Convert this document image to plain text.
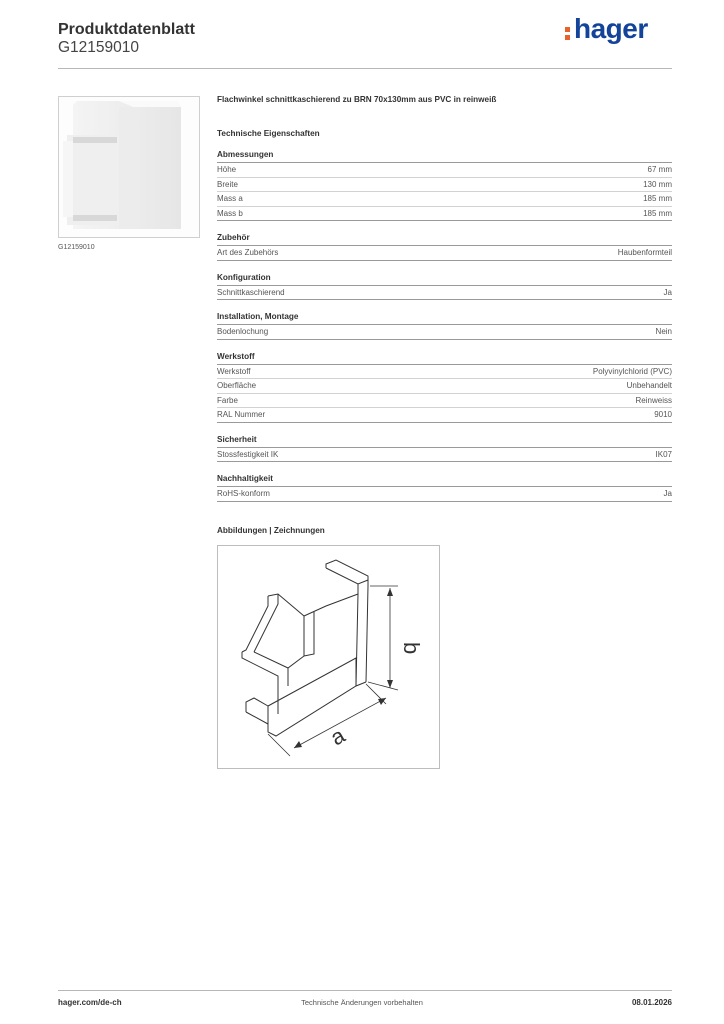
Produktdatenblatt
G12159010
hager
G12159010
Flachwinkel schnittkaschierend zu BRN 70x130mm aus PVC in reinweiß
Technische Eigenschaften
Abmessungen
Höhe	67 mm
Breite	130 mm
Mass a	185 mm
Mass b	185 mm
Zubehör
Art des Zubehörs	Haubenformteil
Konfiguration
Schnittkaschierend	Ja
Installation, Montage
Bodenlochung	Nein
Werkstoff
Werkstoff	Polyvinylchlorid (PVC)
Oberfläche	Unbehandelt
Farbe	Reinweiss
RAL Nummer	9010
Sicherheit
Stossfestigkeit IK	IK07
Nachhaltigkeit
RoHS-konform	Ja
Abbildungen | Zeichnungen
b
a
hager.com/de-ch	Technische Änderungen vorbehalten	08.01.2026
